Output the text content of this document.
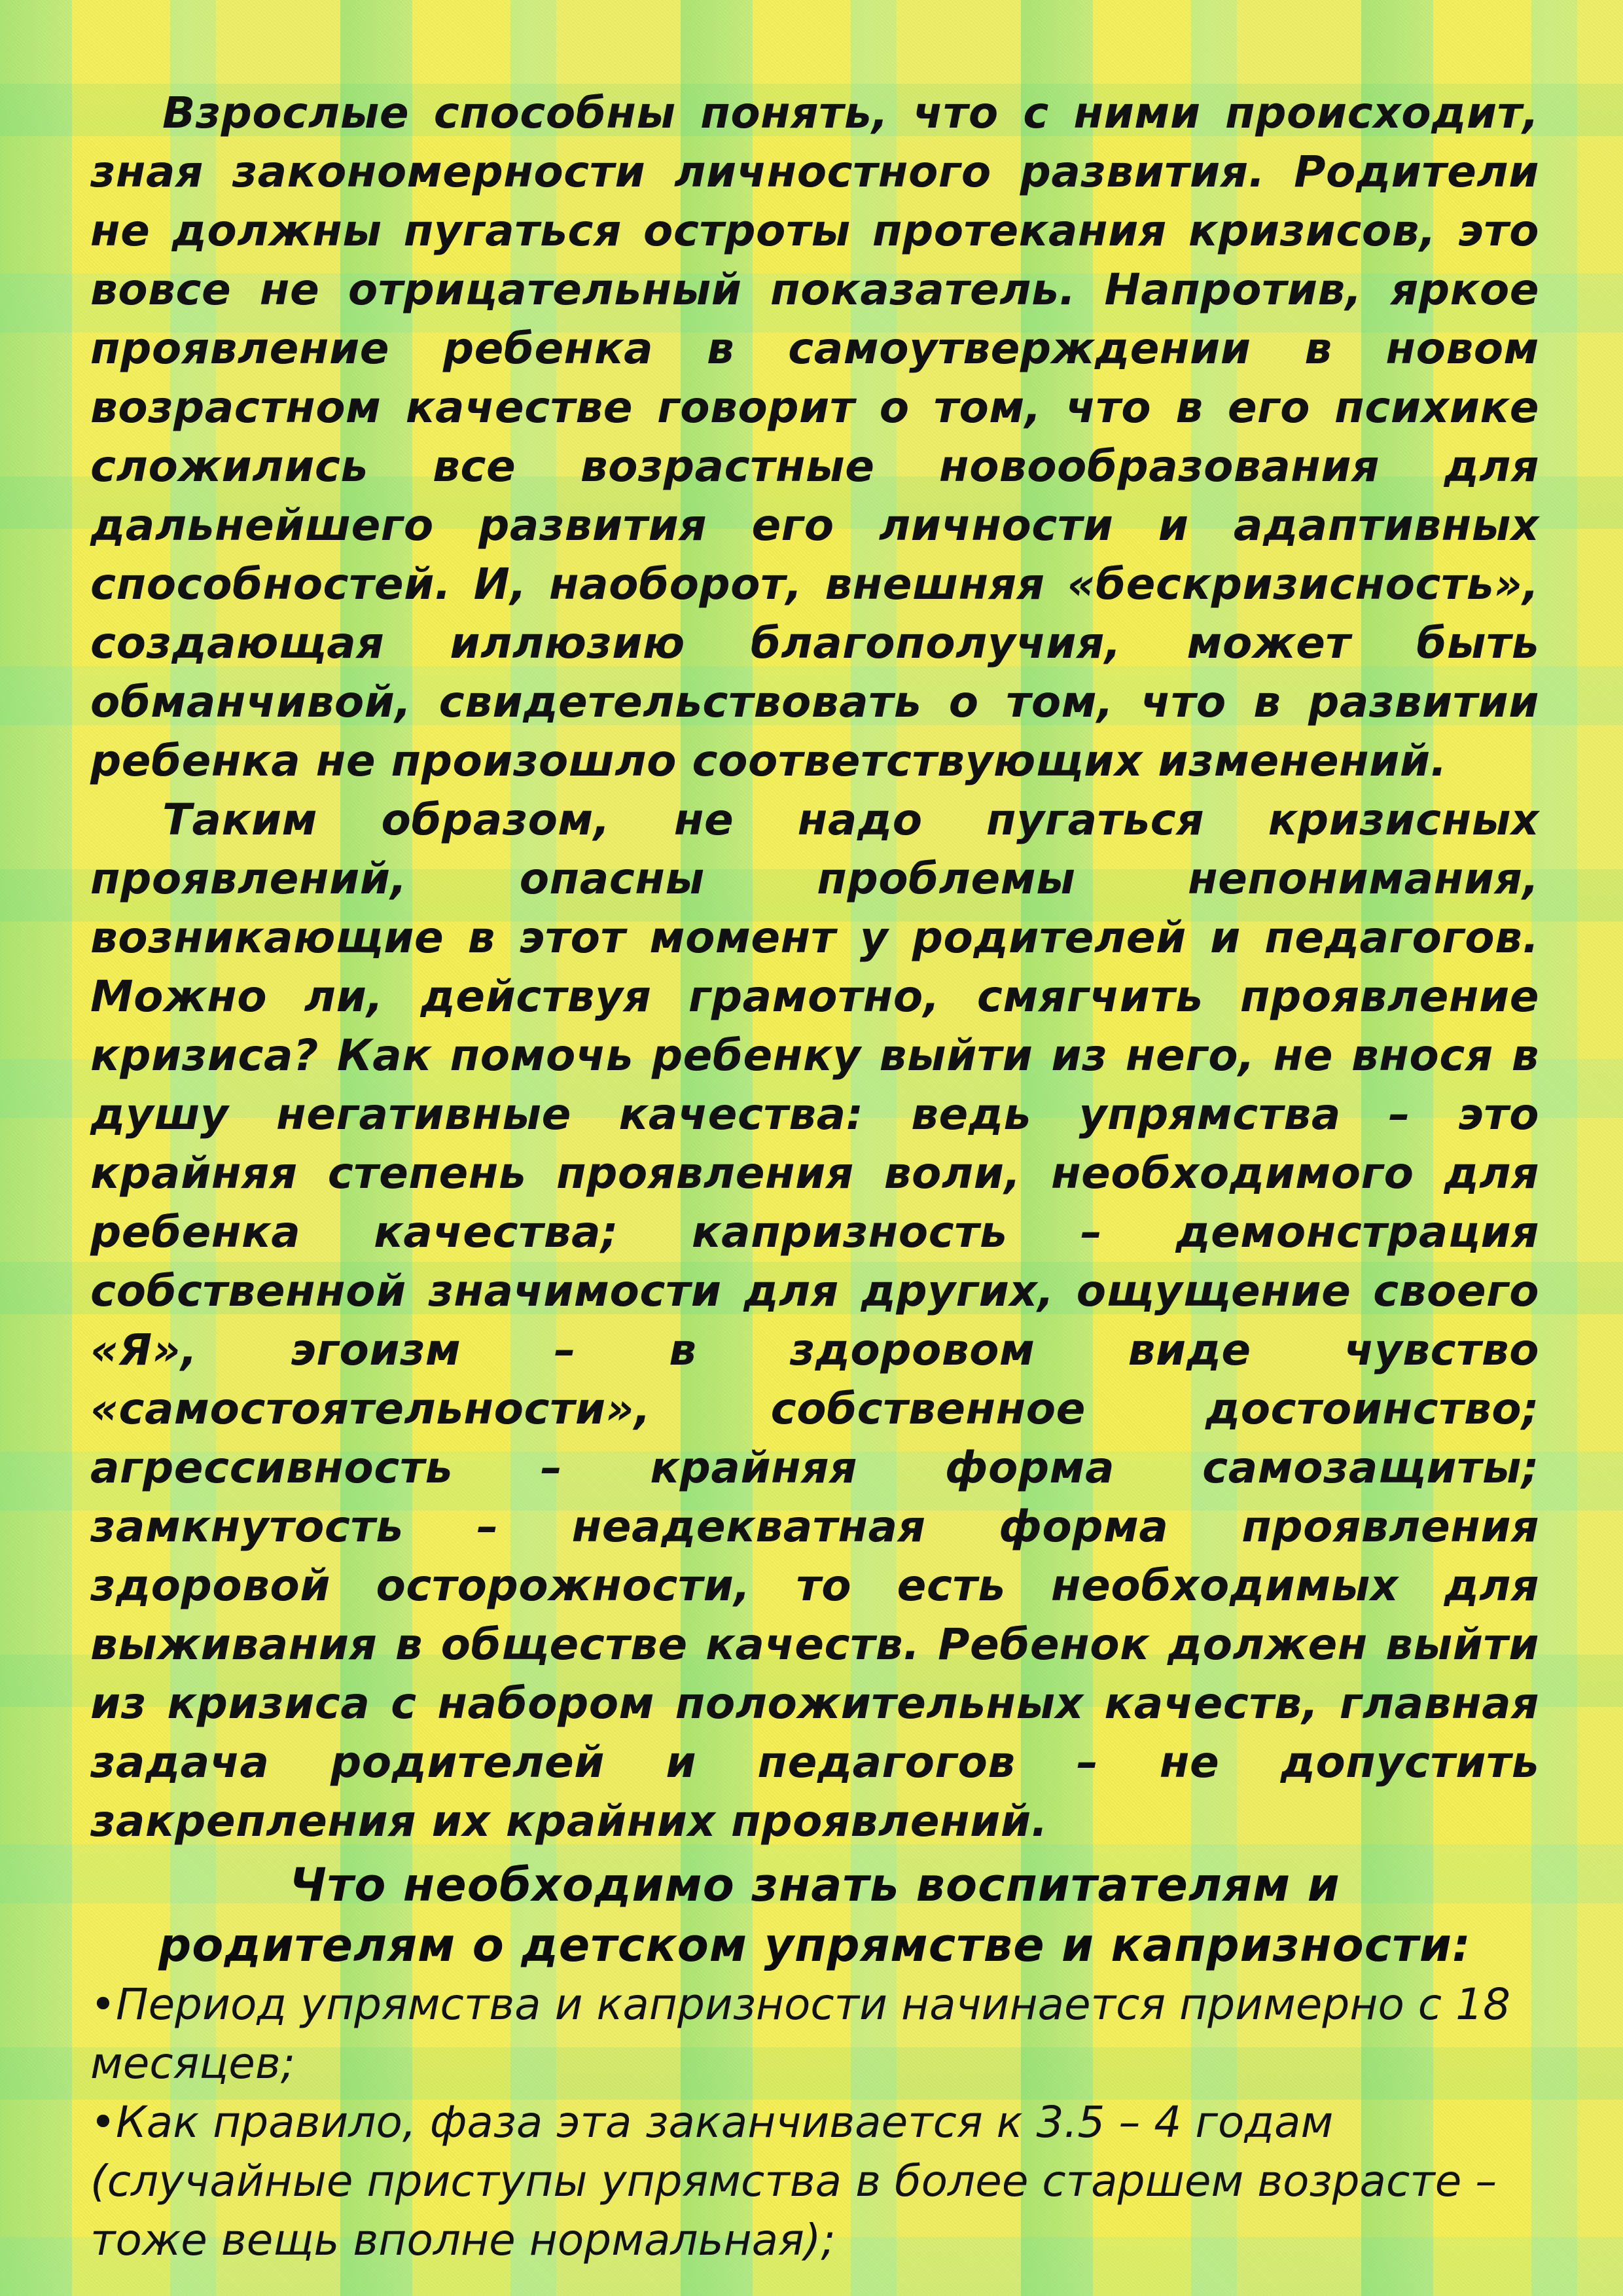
Взрослые способны понять, что с ними происходит, зная закономерности личностного развития. Родители не должны пугаться остроты протекания кризисов, это вовсе не отрицательный показатель. Напротив, яркое проявление ребенка в самоутверждении в новом возрастном качестве говорит о том, что в его психике сложились все возрастные новообразования для дальнейшего развития его личности и адаптивных способностей. И, наоборот, внешняя «бескризисность», создающая иллюзию благополучия, может быть обманчивой, свидетельствовать о том, что в развитии ребенка не произошло соответствующих изменений.

Таким образом, не надо пугаться кризисных проявлений, опасны проблемы непонимания, возникающие в этот момент у родителей и педагогов. Можно ли, действуя грамотно, смягчить проявление кризиса? Как помочь ребенку выйти из него, не внося в душу негативные качества: ведь упрямства – это крайняя степень проявления воли, необходимого для ребенка качества; капризность – демонстрация собственной значимости для других, ощущение своего «Я», эгоизм – в здоровом виде чувство «самостоятельности», собственное достоинство; агрессивность – крайняя форма самозащиты; замкнутость – неадекватная форма проявления здоровой осторожности, то есть необходимых для выживания в обществе качеств. Ребенок должен выйти из кризиса с набором положительных качеств, главная задача родителей и педагогов – не допустить закрепления их крайних проявлений.

Что необходимо знать воспитателям и
родителям о детском упрямстве и капризности:
•Период упрямства и капризности начинается примерно с 18 месяцев;
•Как правило, фаза эта заканчивается к 3.5 – 4 годам (случайные приступы упрямства в более старшем возрасте – тоже вещь вполне нормальная);
